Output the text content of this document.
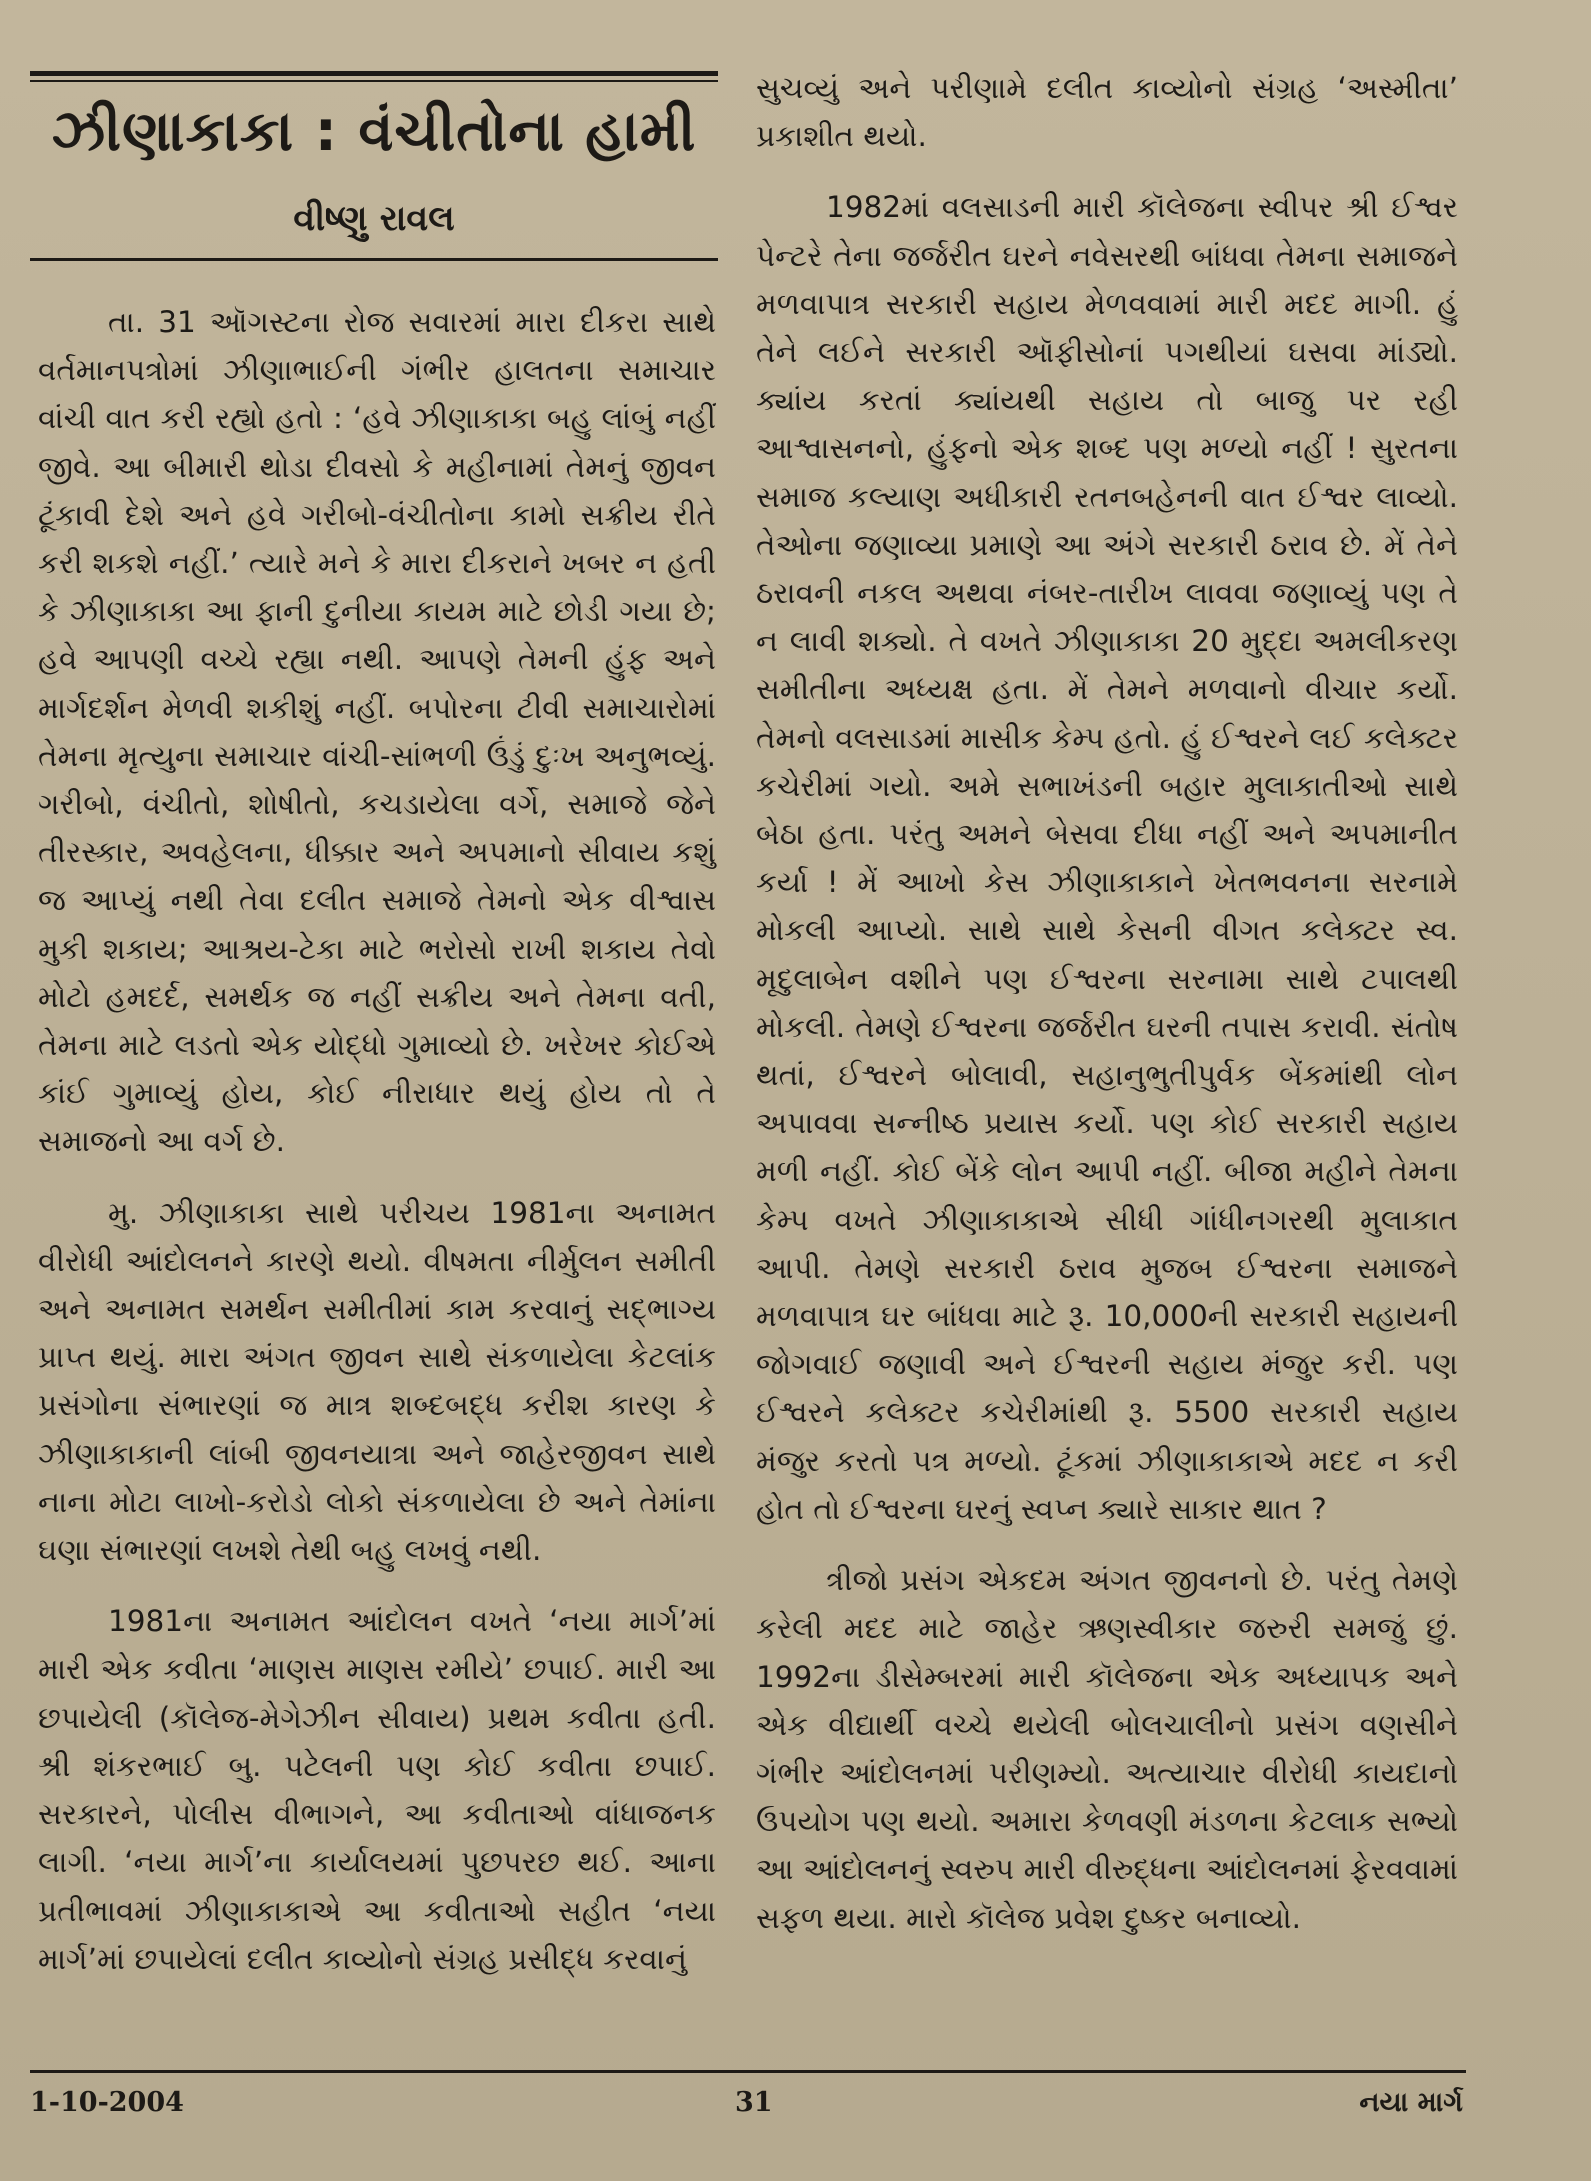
ઝીણાકાકા : વંચીતોના હામી
વીષ્ણુ રાવલ

તા. 31 ઑગસ્ટના રોજ સવારમાં મારા દીકરા સાથે વર્તમાનપત્રોમાં ઝીણાભાઈની ગંભીર હાલતના સમાચાર વાંચી વાત કરી રહ્યો હતો : ‘હવે ઝીણાકાકા બહુ લાંબું નહીં જીવે. આ બીમારી થોડા દીવસો કે મહીનામાં તેમનું જીવન ટૂંકાવી દેશે અને હવે ગરીબો-વંચીતોના કામો સક્રીય રીતે કરી શકશે નહીં.’ ત્યારે મને કે મારા દીકરાને ખબર ન હતી કે ઝીણાકાકા આ ફાની દુનીયા કાયમ માટે છોડી ગયા છે; હવે આપણી વચ્ચે રહ્યા નથી. આપણે તેમની હુંફ અને માર્ગદર્શન મેળવી શકીશું નહીં. બપોરના ટીવી સમાચારોમાં તેમના મૃત્યુના સમાચાર વાંચી-સાંભળી ઉંડું દુઃખ અનુભવ્યું. ગરીબો, વંચીતો, શોષીતો, કચડાયેલા વર્ગે, સમાજે જેને તીરસ્કાર, અવહેલના, ધીક્કાર અને અપમાનો સીવાય કશું જ આપ્યું નથી તેવા દલીત સમાજે તેમનો એક વીશ્વાસ મુકી શકાય; આશ્રય-ટેકા માટે ભરોસો રાખી શકાય તેવો મોટો હમદર્દ, સમર્થક જ નહીં સક્રીય અને તેમના વતી, તેમના માટે લડતો એક યોદ્ધો ગુમાવ્યો છે. ખરેખર કોઈએ કાંઈ ગુમાવ્યું હોય, કોઈ નીરાધાર થયું હોય તો તે સમાજનો આ વર્ગ છે.

મુ. ઝીણાકાકા સાથે પરીચય 1981ના અનામત વીરોધી આંદોલનને કારણે થયો. વીષમતા નીર્મુલન સમીતી અને અનામત સમર્થન સમીતીમાં કામ કરવાનું સદ્ભાગ્ય પ્રાપ્ત થયું. મારા અંગત જીવન સાથે સંકળાયેલા કેટલાંક પ્રસંગોના સંભારણાં જ માત્ર શબ્દબદ્ધ કરીશ કારણ કે ઝીણાકાકાની લાંબી જીવનયાત્રા અને જાહેરજીવન સાથે નાના મોટા લાખો-કરોડો લોકો સંકળાયેલા છે અને તેમાંના ઘણા સંભારણાં લખશે તેથી બહુ લખવું નથી.

1981ના અનામત આંદોલન વખતે ‘નયા માર્ગ’માં મારી એક કવીતા ‘માણસ માણસ રમીયે’ છપાઈ. મારી આ છપાયેલી (કૉલેજ-મેગેઝીન સીવાય) પ્રથમ કવીતા હતી. શ્રી શંકરભાઈ બુ. પટેલની પણ કોઈ કવીતા છપાઈ. સરકારને, પોલીસ વીભાગને, આ કવીતાઓ વાંધાજનક લાગી. ‘નયા માર્ગ’ના કાર્યાલયમાં પુછપરછ થઈ. આના પ્રતીભાવમાં ઝીણાકાકાએ આ કવીતાઓ સહીત ‘નયા માર્ગ’માં છપાયેલાં દલીત કાવ્યોનો સંગ્રહ પ્રસીદ્ધ કરવાનું

સુચવ્યું અને પરીણામે દલીત કાવ્યોનો સંગ્રહ ‘અસ્મીતા’ પ્રકાશીત થયો.

1982માં વલસાડની મારી કૉલેજના સ્વીપર શ્રી ઈશ્વર પેન્ટરે તેના જર્જરીત ઘરને નવેસરથી બાંધવા તેમના સમાજને મળવાપાત્ર સરકારી સહાય મેળવવામાં મારી મદદ માગી. હું તેને લઈને સરકારી ઑફીસોનાં પગથીયાં ઘસવા માંડ્યો. ક્યાંય કરતાં ક્યાંયથી સહાય તો બાજુ પર રહી આશ્વાસનનો, હુંફનો એક શબ્દ પણ મળ્યો નહીં ! સુરતના સમાજ કલ્યાણ અધીકારી રતનબહેનની વાત ઈશ્વર લાવ્યો. તેઓના જણાવ્યા પ્રમાણે આ અંગે સરકારી ઠરાવ છે. મેં તેને ઠરાવની નકલ અથવા નંબર-તારીખ લાવવા જણાવ્યું પણ તે ન લાવી શક્યો. તે વખતે ઝીણાકાકા 20 મુદ્દા અમલીકરણ સમીતીના અધ્યક્ષ હતા. મેં તેમને મળવાનો વીચાર કર્યો. તેમનો વલસાડમાં માસીક કેમ્પ હતો. હું ઈશ્વરને લઈ કલેક્ટર કચેરીમાં ગયો. અમે સભાખંડની બહાર મુલાકાતીઓ સાથે બેઠા હતા. પરંતુ અમને બેસવા દીધા નહીં અને અપમાનીત કર્યા ! મેં આખો કેસ ઝીણાકાકાને ખેતભવનના સરનામે મોકલી આપ્યો. સાથે સાથે કેસની વીગત કલેક્ટર સ્વ. મૃદુલાબેન વશીને પણ ઈશ્વરના સરનામા સાથે ટપાલથી મોકલી. તેમણે ઈશ્વરના જર્જરીત ઘરની તપાસ કરાવી. સંતોષ થતાં, ઈશ્વરને બોલાવી, સહાનુભુતીપુર્વક બેંકમાંથી લોન અપાવવા સન્નીષ્ઠ પ્રયાસ કર્યો. પણ કોઈ સરકારી સહાય મળી નહીં. કોઈ બેંકે લોન આપી નહીં. બીજા મહીને તેમના કેમ્પ વખતે ઝીણાકાકાએ સીધી ગાંધીનગરથી મુલાકાત આપી. તેમણે સરકારી ઠરાવ મુજબ ઈશ્વરના સમાજને મળવાપાત્ર ઘર બાંધવા માટે રૂ. 10,000ની સરકારી સહાયની જોગવાઈ જણાવી અને ઈશ્વરની સહાય મંજુર કરી. પણ ઈશ્વરને કલેક્ટર કચેરીમાંથી રૂ. 5500 સરકારી સહાય મંજુર કરતો પત્ર મળ્યો. ટૂંકમાં ઝીણાકાકાએ મદદ ન કરી હોત તો ઈશ્વરના ઘરનું સ્વપ્ન ક્યારે સાકાર થાત ?

ત્રીજો પ્રસંગ એકદમ અંગત જીવનનો છે. પરંતુ તેમણે કરેલી મદદ માટે જાહેર ઋણસ્વીકાર જરુરી સમજું છું. 1992ના ડીસેમ્બરમાં મારી કૉલેજના એક અધ્યાપક અને એક વીદ્યાર્થી વચ્ચે થયેલી બોલચાલીનો પ્રસંગ વણસીને ગંભીર આંદોલનમાં પરીણમ્યો. અત્યાચાર વીરોધી કાયદાનો ઉપયોગ પણ થયો. અમારા કેળવણી મંડળના કેટલાક સભ્યો આ આંદોલનનું સ્વરુપ મારી વીરુદ્ધના આંદોલનમાં ફેરવવામાં સફળ થયા. મારો કૉલેજ પ્રવેશ દુષ્કર બનાવ્યો.

1-10-2004	31	નયા માર્ગ
